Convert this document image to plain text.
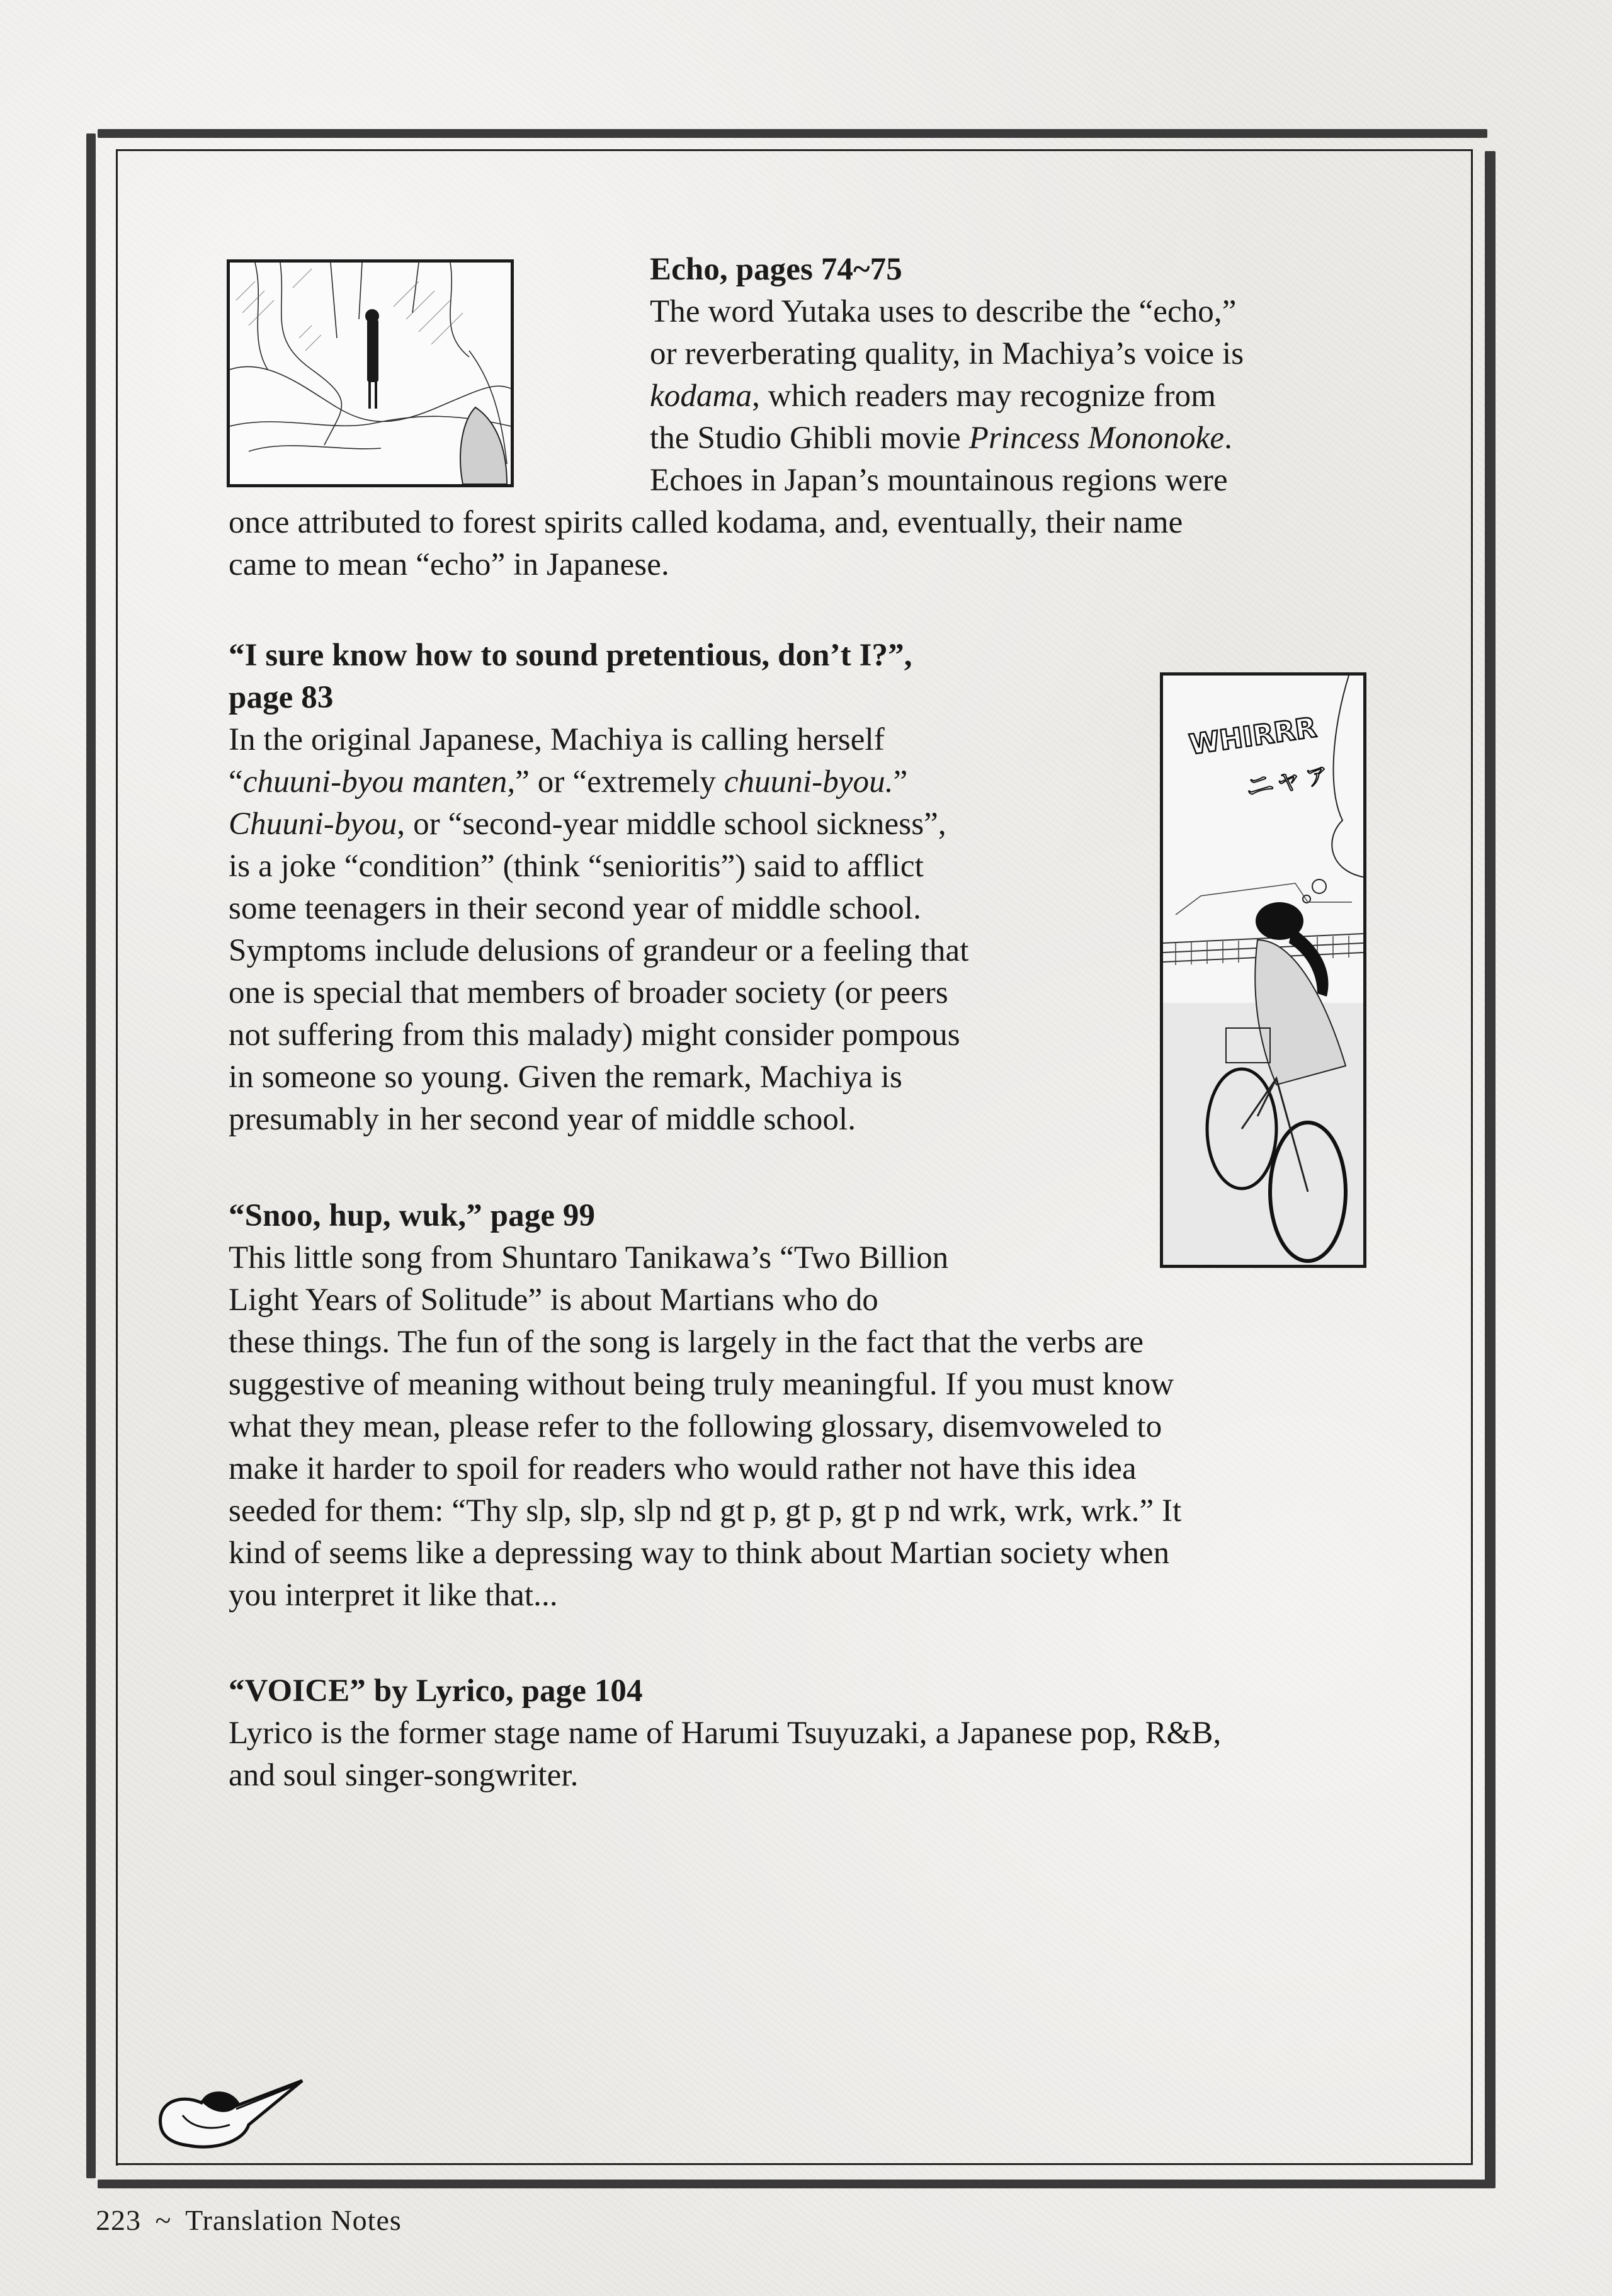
WHIRRR
ニャァ
Echo, pages 74~75
The word Yutaka uses to describe the “echo,”
or reverberating quality, in Machiya’s voice is
kodama, which readers may recognize from
the Studio Ghibli movie Princess Mononoke.
Echoes in Japan’s mountainous regions were
once attributed to forest spirits called kodama, and, eventually, their name
came to mean “echo” in Japanese.
“I sure know how to sound pretentious, don’t I?”,
page 83
In the original Japanese, Machiya is calling herself
“chuuni-byou manten,” or “extremely chuuni-byou.”
Chuuni-byou, or “second-year middle school sickness”,
is a joke “condition” (think “senioritis”) said to afflict
some teenagers in their second year of middle school.
Symptoms include delusions of grandeur or a feeling that
one is special that members of broader society (or peers
not suffering from this malady) might consider pompous
in someone so young. Given the remark, Machiya is
presumably in her second year of middle school.
“Snoo, hup, wuk,” page 99
This little song from Shuntaro Tanikawa’s “Two Billion
Light Years of Solitude” is about Martians who do
these things. The fun of the song is largely in the fact that the verbs are
suggestive of meaning without being truly meaningful. If you must know
what they mean, please refer to the following glossary, disemvoweled to
make it harder to spoil for readers who would rather not have this idea
seeded for them: “Thy slp, slp, slp nd gt p, gt p, gt p nd wrk, wrk, wrk.” It
kind of seems like a depressing way to think about Martian society when
you interpret it like that...
“VOICE” by Lyrico, page 104
Lyrico is the former stage name of Harumi Tsuyuzaki, a Japanese pop, R&B,
and soul singer-songwriter.
223 ~ Translation Notes
